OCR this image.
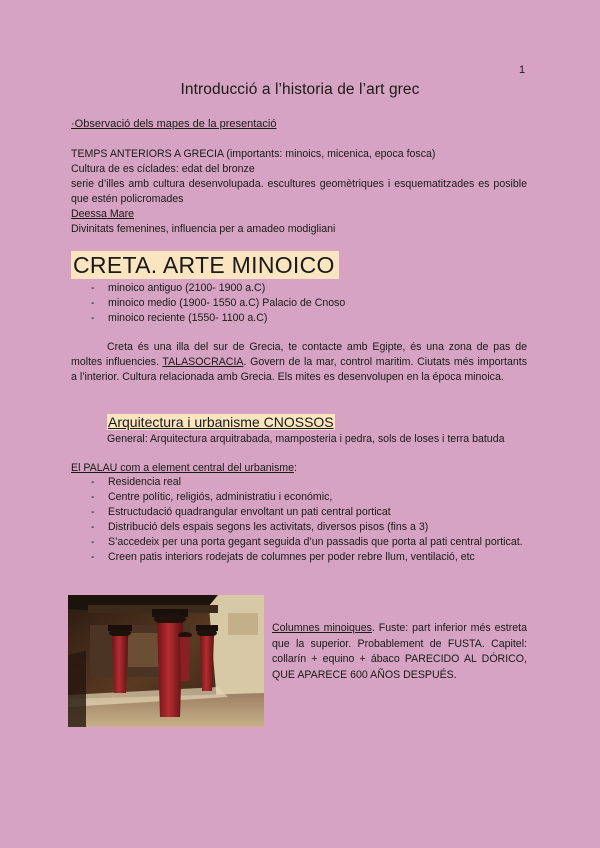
1
Introducció a l’historia de l’art grec
·Observació dels mapes de la presentació
TEMPS ANTERIORS A GRECIA (importants: minoics, micenica, epoca fosca)
Cultura de es cíclades: edat del bronze
serie d’illes amb cultura desenvolupada. escultures geomètriques i esquematitzades es posible que estén policromades
Deessa Mare
Divinitats femenines, influencia per a amadeo modigliani
CRETA. ARTE MINOICO
- minoico antiguo (2100- 1900 a.C)
- minoico medio (1900- 1550 a.C) Palacio de Cnoso
- minoico reciente (1550- 1100 a.C)
Creta és una illa del sur de Grecia, te contacte amb Egipte, és una zona de pas de moltes influencies. TALASOCRACIA. Govern de la mar, control maritim. Ciutats més importants a l’interior. Cultura relacionada amb Grecia. Els mites es desenvolupen en la época minoica.
Arquitectura i urbanisme CNOSSOS
General: Arquitectura arquitrabada, mamposteria i pedra, sols de loses i terra batuda
El PALAU com a element central del urbanisme:
- Residencia real
- Centre polític, religiós, administratiu i económic,
- Estructudació quadrangular envoltant un pati central porticat
- Distribució dels espais segons les activitats, diversos pisos (fins a 3)
- S’accedeix per una porta gegant seguida d’un passadis que porta al pati central porticat.
- Creen patis interiors rodejats de columnes per poder rebre llum, ventilació, etc
Columnes minoiques. Fuste: part inferior més estreta que la superior. Probablement de FUSTA. Capitel: collarín + equino + ábaco PARECIDO AL DÓRICO, QUE APARECE 600 AÑOS DESPUÉS.
